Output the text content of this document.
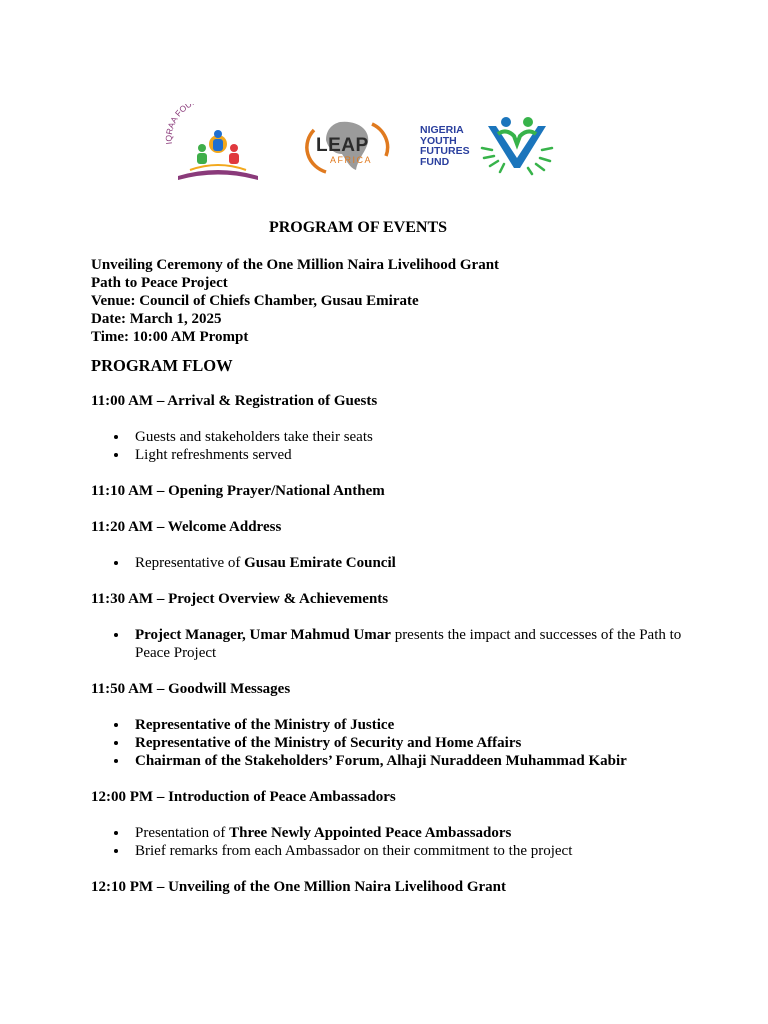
IQRAA FOU
LEAP
AFRICA
NIGERIA
YOUTH
FUTURES
FUND
PROGRAM OF EVENTS
Unveiling Ceremony of the One Million Naira Livelihood Grant
Path to Peace Project
Venue: Council of Chiefs Chamber, Gusau Emirate
Date: March 1, 2025
Time: 10:00 AM Prompt
PROGRAM FLOW
11:00 AM – Arrival & Registration of Guests
Guests and stakeholders take their seats
Light refreshments served
11:10 AM – Opening Prayer/National Anthem
11:20 AM – Welcome Address
Representative of Gusau Emirate Council
11:30 AM – Project Overview & Achievements
Project Manager, Umar Mahmud Umar presents the impact and successes of the Path to Peace Project
11:50 AM – Goodwill Messages
Representative of the Ministry of Justice
Representative of the Ministry of Security and Home Affairs
Chairman of the Stakeholders’ Forum, Alhaji Nuraddeen Muhammad Kabir
12:00 PM – Introduction of Peace Ambassadors
Presentation of Three Newly Appointed Peace Ambassadors
Brief remarks from each Ambassador on their commitment to the project
12:10 PM – Unveiling of the One Million Naira Livelihood Grant
